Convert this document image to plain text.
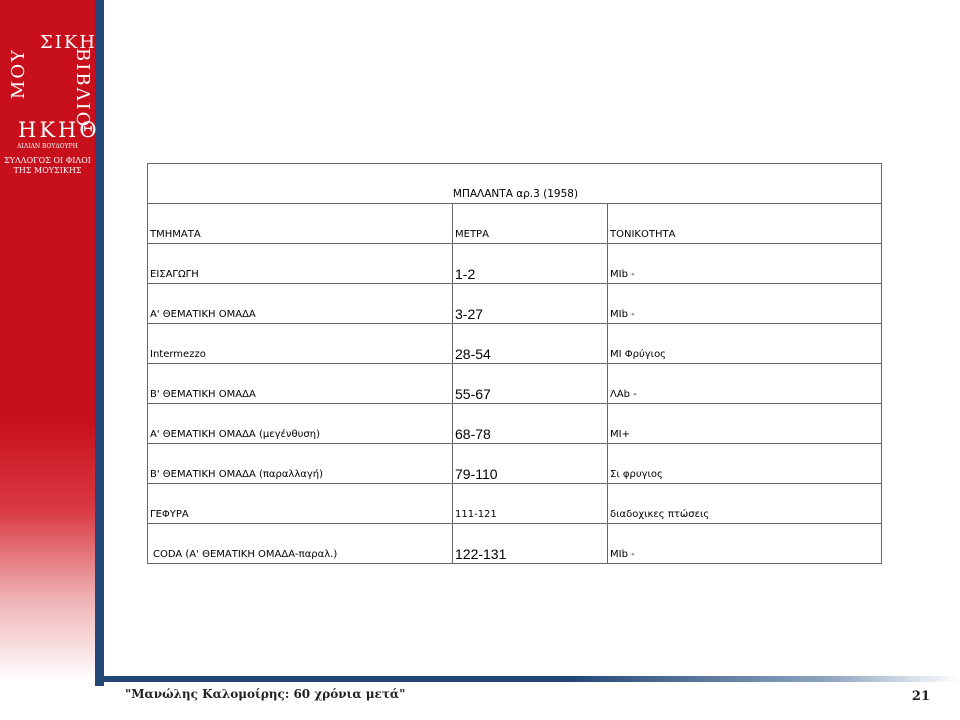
ΣΙΚΗ
ΜΟΥ ΒΙΒΛΙΟ
ΗΚΗΘ
ΑΙΛΙΑΝ ΒΟΥΔΟΥΡΗ
ΣΥΛΛΟΓΟΣ ΟΙ ΦΙΛΟΙ
ΤΗΣ ΜΟΥΣΙΚΗΣ
ΜΠΑΛΑΝΤΑ αρ.3 (1958)		
ΤΜΗΜΑΤΑ	ΜΕΤΡΑ	ΤΟΝΙΚΟΤΗΤΑ
ΕΙΣΑΓΩΓΗ	1-2	MIb -
Α' ΘΕΜΑΤΙΚΗ ΟΜΑΔΑ	3-27	MIb -
Intermezzo	28-54	MI Φρύγιος
Β' ΘΕΜΑΤΙΚΗ ΟΜΑΔΑ	55-67	ΛΑb -
Α' ΘΕΜΑΤΙΚΗ ΟΜΑΔΑ (μεγένθυση)	68-78	MI+
Β' ΘΕΜΑΤΙΚΗ ΟΜΑΔΑ (παραλλαγή)	79-110	Σι φρυγιος
ΓΕΦΥΡΑ	111-121	διαδοχικες πτώσεις
CODA (Α' ΘΕΜΑΤΙΚΗ ΟΜΑΔΑ-παραλ.)	122-131	MIb -
"Μανώλης Καλομοίρης: 60 χρόνια μετά"	21
